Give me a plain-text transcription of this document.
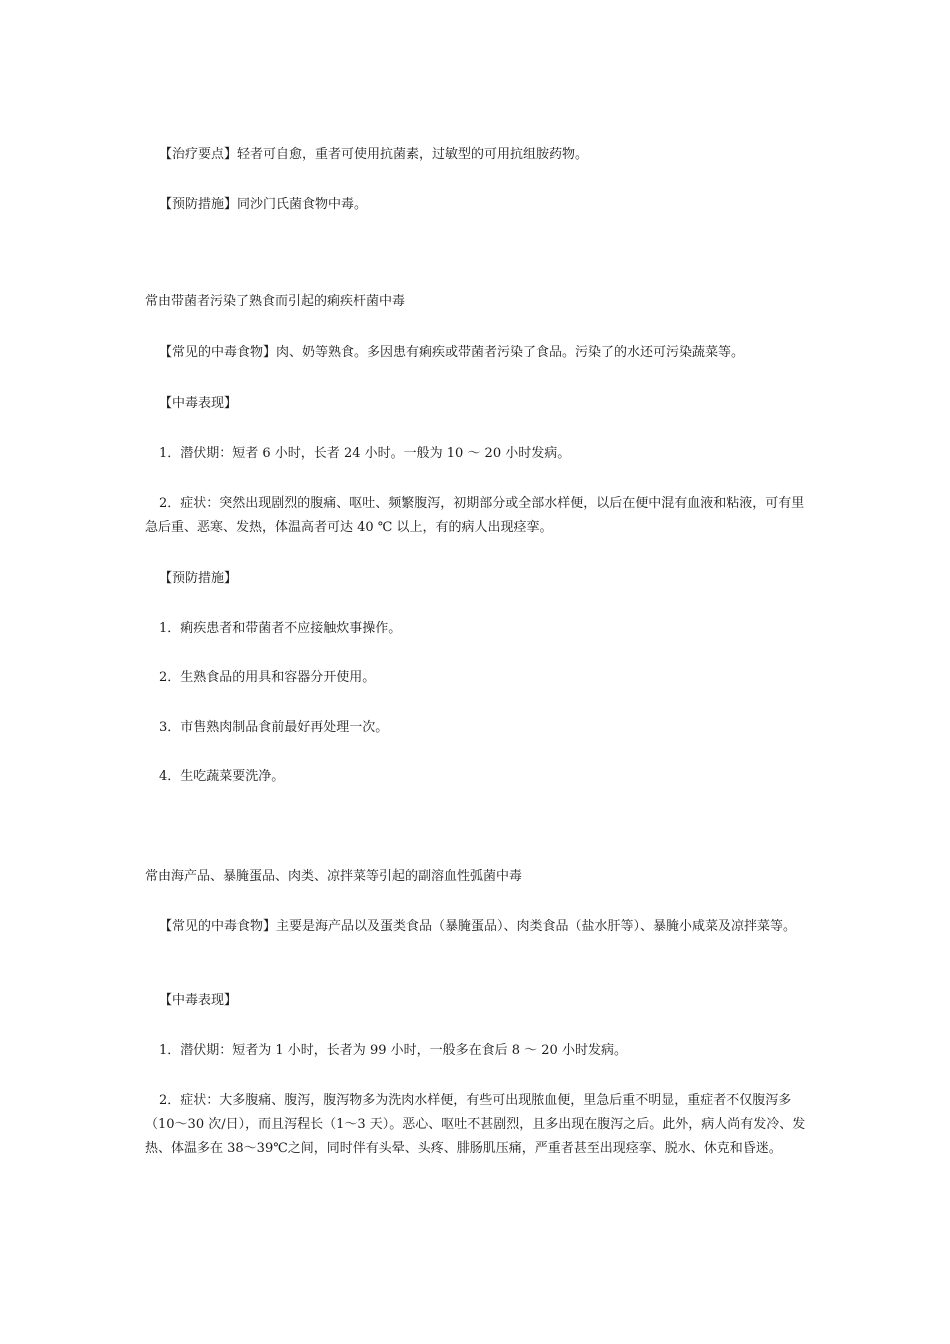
【治疗要点】轻者可自愈，重者可使用抗菌素，过敏型的可用抗组胺药物。
【预防措施】同沙门氏菌食物中毒。
常由带菌者污染了熟食而引起的痢疾杆菌中毒
【常见的中毒食物】肉、奶等熟食。多因患有痢疾或带菌者污染了食品。污染了的水还可污染蔬菜等。
【中毒表现】
1．潜伏期：短者 6 小时，长者 24 小时。一般为 10 ～ 20 小时发病。
2．症状：突然出现剧烈的腹痛、呕吐、频繁腹泻，初期部分或全部水样便，以后在便中混有血液和粘液，可有里急后重、恶寒、发热，体温高者可达 40 ℃ 以上，有的病人出现痉挛。
【预防措施】
1．痢疾患者和带菌者不应接触炊事操作。
2．生熟食品的用具和容器分开使用。
3．市售熟肉制品食前最好再处理一次。
4．生吃蔬菜要洗净。
常由海产品、暴腌蛋品、肉类、凉拌菜等引起的副溶血性弧菌中毒
【常见的中毒食物】主要是海产品以及蛋类食品（暴腌蛋品）、肉类食品（盐水肝等）、暴腌小咸菜及凉拌菜等。
【中毒表现】
1．潜伏期：短者为 1 小时，长者为 99 小时，一般多在食后 8 ～ 20 小时发病。
2．症状：大多腹痛、腹泻，腹泻物多为洗肉水样便，有些可出现脓血便，里急后重不明显，重症者不仅腹泻多（10～30 次/日），而且泻程长（1～3 天）。恶心、呕吐不甚剧烈，且多出现在腹泻之后。此外，病人尚有发冷、发热、体温多在 38～39℃之间，同时伴有头晕、头疼、腓肠肌压痛，严重者甚至出现痉挛、脱水、休克和昏迷。
